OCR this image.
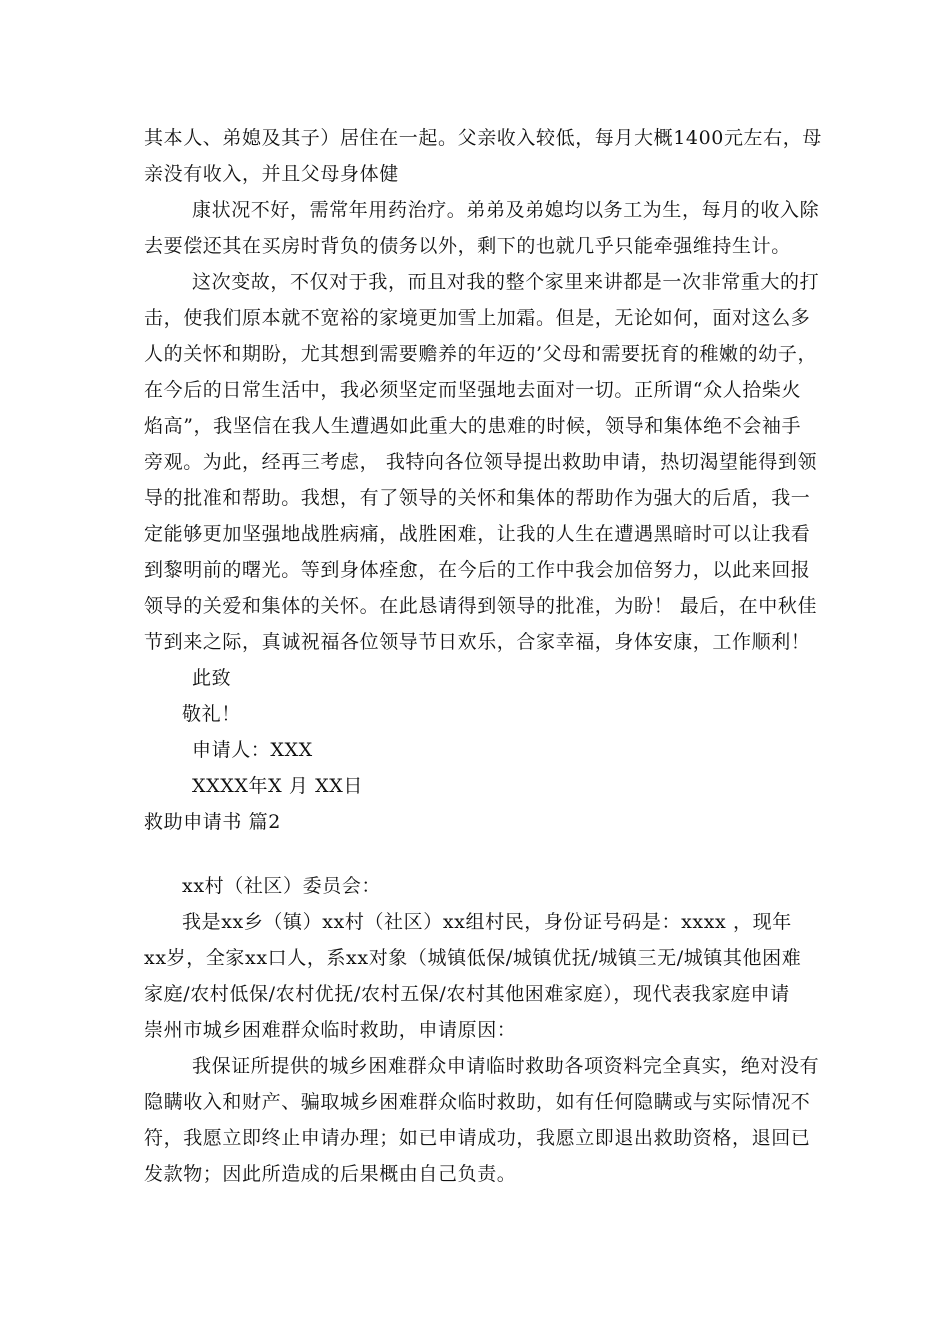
其本人、弟媳及其子）居住在一起。父亲收入较低，每月大概1400元左右，母
亲没有收入，并且父母身体健
康状况不好，需常年用药治疗。弟弟及弟媳均以务工为生，每月的收入除
去要偿还其在买房时背负的债务以外，剩下的也就几乎只能牵强维持生计。
这次变故，不仅对于我，而且对我的整个家里来讲都是一次非常重大的打
击，使我们原本就不宽裕的家境更加雪上加霜。但是，无论如何，面对这么多
人的关怀和期盼，尤其想到需要赡养的年迈的’父母和需要抚育的稚嫩的幼子，
在今后的日常生活中，我必须坚定而坚强地去面对一切。正所谓“众人拾柴火
焰高”，我坚信在我人生遭遇如此重大的患难的时候，领导和集体绝不会袖手
旁观。为此，经再三考虑， 我特向各位领导提出救助申请，热切渴望能得到领
导的批准和帮助。我想，有了领导的关怀和集体的帮助作为强大的后盾，我一
定能够更加坚强地战胜病痛，战胜困难，让我的人生在遭遇黑暗时可以让我看
到黎明前的曙光。等到身体痊愈，在今后的工作中我会加倍努力，以此来回报
领导的关爱和集体的关怀。在此恳请得到领导的批准，为盼！ 最后，在中秋佳
节到来之际，真诚祝福各位领导节日欢乐，合家幸福，身体安康，工作顺利！
此致
敬礼！
申请人：XXX
XXXX年X 月 XX日
救助申请书 篇2
xx村（社区）委员会：
我是xx乡（镇）xx村（社区）xx组村民，身份证号码是：xxxx ，现年
xx岁，全家xx口人，系xx对象（城镇低保/城镇优抚/城镇三无/城镇其他困难
家庭/农村低保/农村优抚/农村五保/农村其他困难家庭），现代表我家庭申请
崇州市城乡困难群众临时救助，申请原因：
我保证所提供的城乡困难群众申请临时救助各项资料完全真实，绝对没有
隐瞒收入和财产、骗取城乡困难群众临时救助，如有任何隐瞒或与实际情况不
符，我愿立即终止申请办理；如已申请成功，我愿立即退出救助资格，退回已
发款物；因此所造成的后果概由自己负责。
